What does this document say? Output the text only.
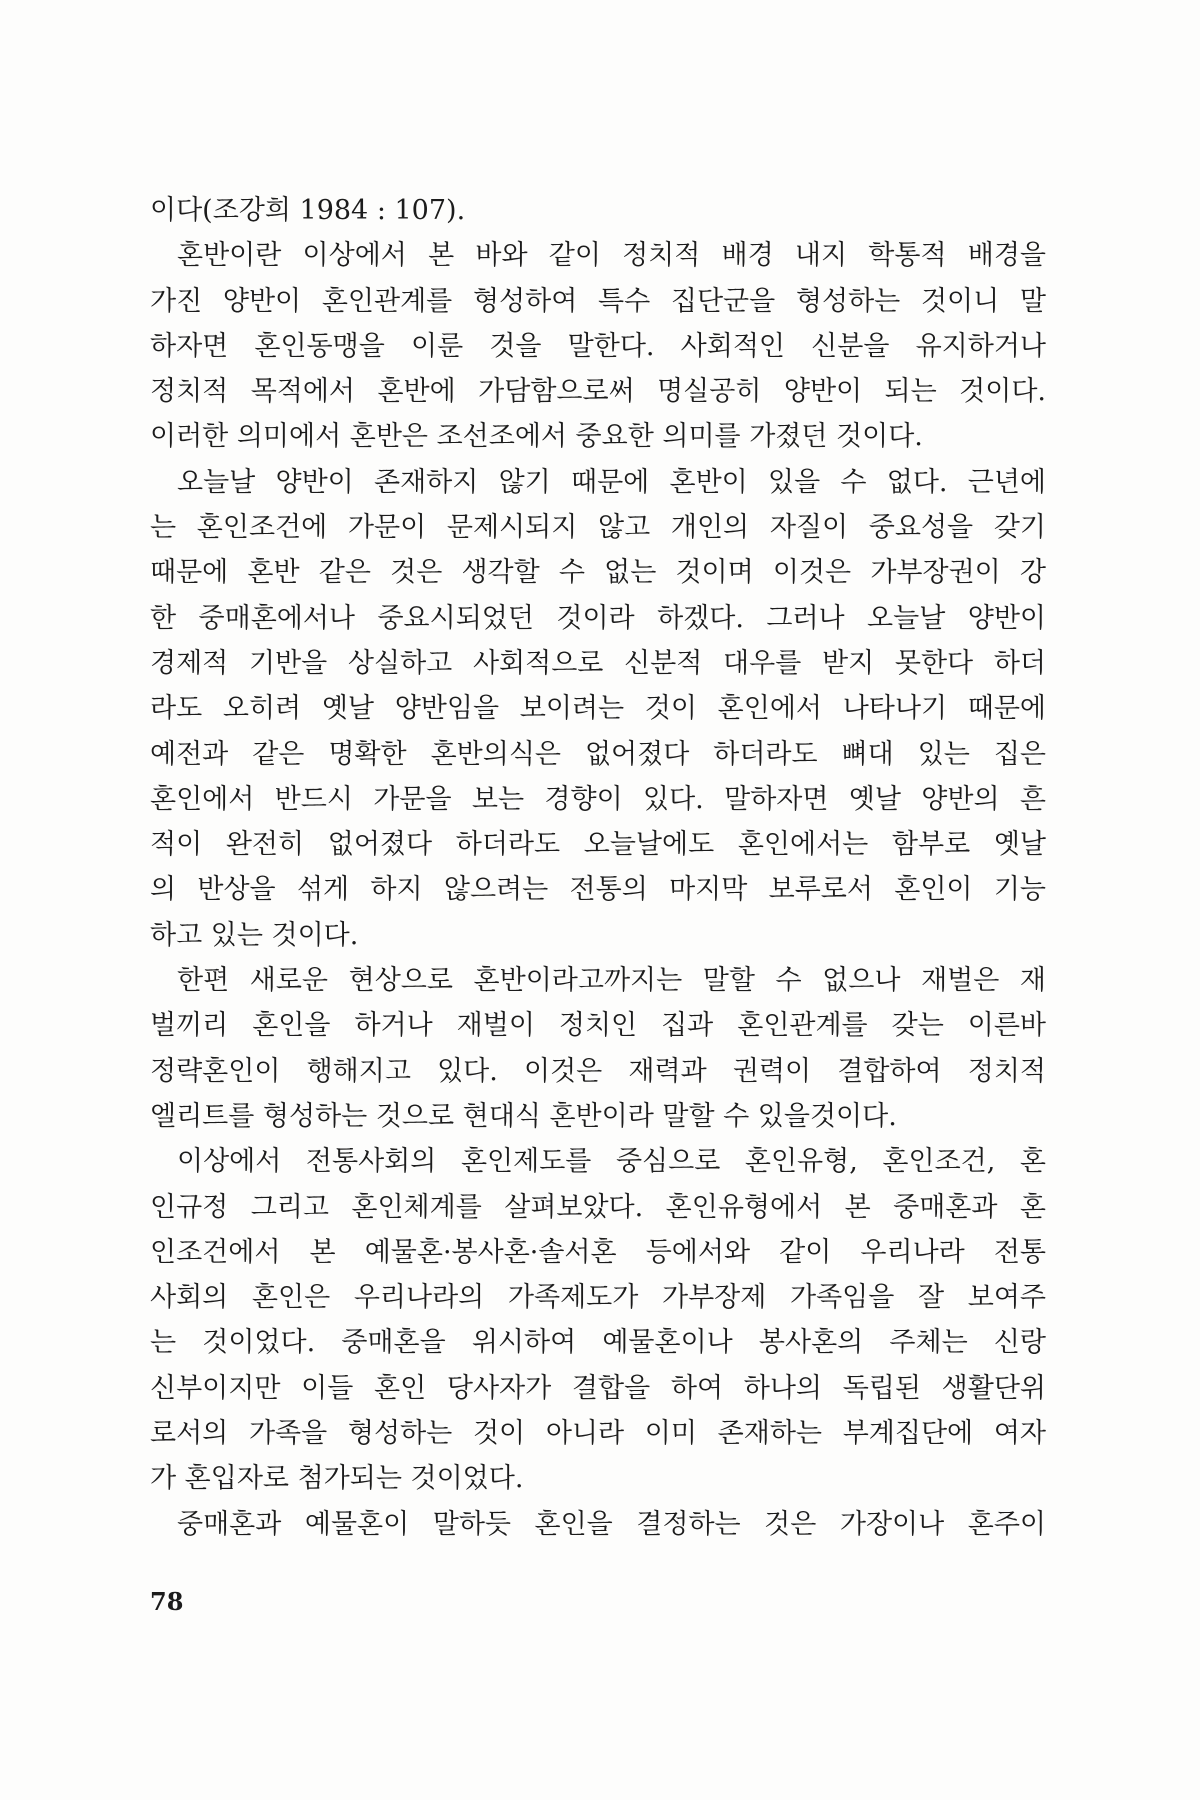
이다(조강희 1984 : 107).
혼반이란 이상에서 본 바와 같이 정치적 배경 내지 학통적 배경을
가진 양반이 혼인관계를 형성하여 특수 집단군을 형성하는 것이니 말
하자면 혼인동맹을 이룬 것을 말한다. 사회적인 신분을 유지하거나
정치적 목적에서 혼반에 가담함으로써 명실공히 양반이 되는 것이다.
이러한 의미에서 혼반은 조선조에서 중요한 의미를 가졌던 것이다.
오늘날 양반이 존재하지 않기 때문에 혼반이 있을 수 없다. 근년에
는 혼인조건에 가문이 문제시되지 않고 개인의 자질이 중요성을 갖기
때문에 혼반 같은 것은 생각할 수 없는 것이며 이것은 가부장권이 강
한 중매혼에서나 중요시되었던 것이라 하겠다. 그러나 오늘날 양반이
경제적 기반을 상실하고 사회적으로 신분적 대우를 받지 못한다 하더
라도 오히려 옛날 양반임을 보이려는 것이 혼인에서 나타나기 때문에
예전과 같은 명확한 혼반의식은 없어졌다 하더라도 뼈대 있는 집은
혼인에서 반드시 가문을 보는 경향이 있다. 말하자면 옛날 양반의 흔
적이 완전히 없어졌다 하더라도 오늘날에도 혼인에서는 함부로 옛날
의 반상을 섞게 하지 않으려는 전통의 마지막 보루로서 혼인이 기능
하고 있는 것이다.
한편 새로운 현상으로 혼반이라고까지는 말할 수 없으나 재벌은 재
벌끼리 혼인을 하거나 재벌이 정치인 집과 혼인관계를 갖는 이른바
정략혼인이 행해지고 있다. 이것은 재력과 권력이 결합하여 정치적
엘리트를 형성하는 것으로 현대식 혼반이라 말할 수 있을것이다.
이상에서 전통사회의 혼인제도를 중심으로 혼인유형, 혼인조건, 혼
인규정 그리고 혼인체계를 살펴보았다. 혼인유형에서 본 중매혼과 혼
인조건에서 본 예물혼·봉사혼·솔서혼 등에서와 같이 우리나라 전통
사회의 혼인은 우리나라의 가족제도가 가부장제 가족임을 잘 보여주
는 것이었다. 중매혼을 위시하여 예물혼이나 봉사혼의 주체는 신랑
신부이지만 이들 혼인 당사자가 결합을 하여 하나의 독립된 생활단위
로서의 가족을 형성하는 것이 아니라 이미 존재하는 부계집단에 여자
가 혼입자로 첨가되는 것이었다.
중매혼과 예물혼이 말하듯 혼인을 결정하는 것은 가장이나 혼주이
78
